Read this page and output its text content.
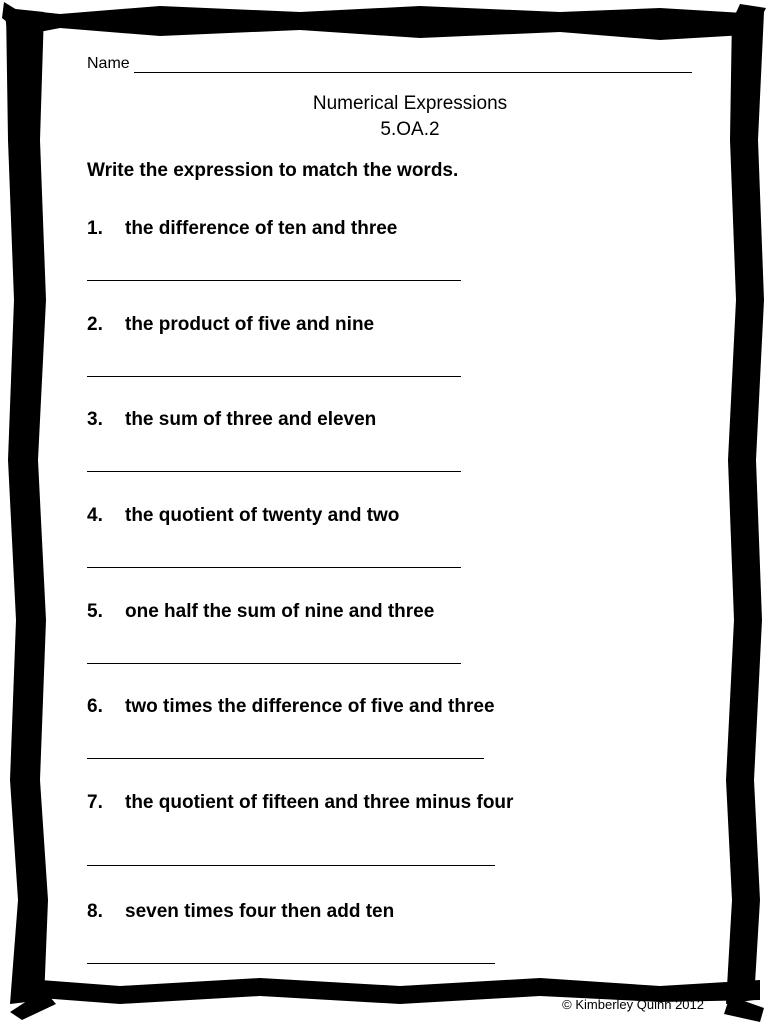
Name
Numerical Expressions
5.OA.2
Write the expression to match the words.
1.	the difference of ten and three
2.	the product of five and nine
3.	the sum of three and eleven
4.	the quotient of twenty and two
5.	one half the sum of nine and three
6.	two times the difference of five and three
7.	the quotient of fifteen and three minus four
8.	seven times four then add ten
© Kimberley Quinn 2012
